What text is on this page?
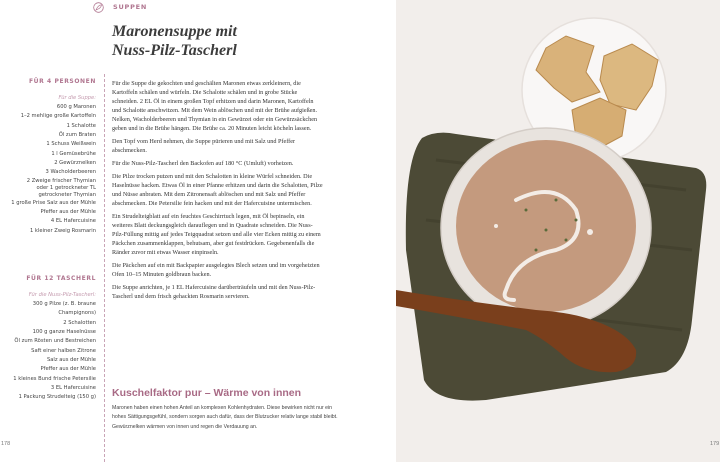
SUPPEN
Maronensuppe mit
Nuss-Pilz-Tascherl
FÜR 4 PERSONEN
Für die Suppe:
600 g Maronen
1–2 mehlige große Kartoffeln
1 Schalotte
Öl zum Braten
1 Schuss Weißwein
1 l Gemüsebrühe
2 Gewürznelken
3 Wacholderbeeren
2 Zweige frischer Thymian
oder 1 getrockneter TL
getrockneter Thymian
1 große Prise Salz aus der Mühle
Pfeffer aus der Mühle
4 EL Hafercuisine
1 kleiner Zweig Rosmarin
FÜR 12 TASCHERL
Für die Nuss-Pilz-Tascherl:
300 g Pilze (z. B. braune Champignons)
2 Schalotten
100 g ganze Haselnüsse
Öl zum Rösten und Bestreichen
Saft einer halben Zitrone
Salz aus der Mühle
Pfeffer aus der Mühle
1 kleines Bund frische Petersilie
3 EL Hafercuisine
1 Packung Strudelteig (150 g)

Für die Suppe die gekochten und geschälten Maronen etwas zerkleinern, die Kartoffeln schälen und würfeln. Die Schalotte schälen und in grobe Stücke schneiden. 2 EL Öl in einem großen Topf erhitzen und darin Maronen, Kartoffeln und Schalotte anschwitzen. Mit dem Wein ablöschen und mit der Brühe aufgießen. Nelken, Wacholderbeeren und Thymian in ein Gewürzei oder ein Gewürzsäckchen geben und in die Brühe hängen. Die Brühe ca. 20 Minuten leicht köcheln lassen.

Den Topf vom Herd nehmen, die Suppe pürieren und mit Salz und Pfeffer abschmecken.

Für die Nuss-Pilz-Tascherl den Backofen auf 180 °C (Umluft) vorheizen.

Die Pilze trocken putzen und mit den Schalotten in kleine Würfel schneiden. Die Haselnüsse hacken. Etwas Öl in einer Pfanne erhitzen und darin die Schalotten, Pilze und Nüsse anbraten. Mit dem Zitronensaft ablöschen und mit Salz und Pfeffer abschmecken. Die Petersilie fein hacken und mit der Hafercuisine untermischen.

Ein Strudelteigblatt auf ein feuchtes Geschirrtuch legen, mit Öl bepinseln, ein weiteres Blatt deckungsgleich darauflegen und in Quadrate schneiden. Die Nuss-Pilz-Füllung mittig auf jedes Teigquadrat setzen und alle vier Ecken mittig zu einem Päckchen zusammenklappen, behutsam, aber gut festdrücken. Gegebenenfalls die Ränder zuvor mit etwas Wasser einpinseln.

Die Päckchen auf ein mit Backpapier ausgelegtes Blech setzen und im vorgeheizten Ofen 10–15 Minuten goldbraun backen.

Die Suppe anrichten, je 1 EL Hafercuisine darüberträufeln und mit den Nuss-Pilz-Tascherl und dem frisch gehackten Rosmarin servieren.

Kuschelfaktor pur – Wärme von innen

Maronen haben einen hohen Anteil an komplexen Kohlenhydraten. Diese bewirken nicht nur ein hohes Sättigungsgefühl, sondern sorgen auch dafür, dass der Blutzucker relativ lange stabil bleibt. Gewürznelken wärmen von innen und regen die Verdauung an.

178	179
